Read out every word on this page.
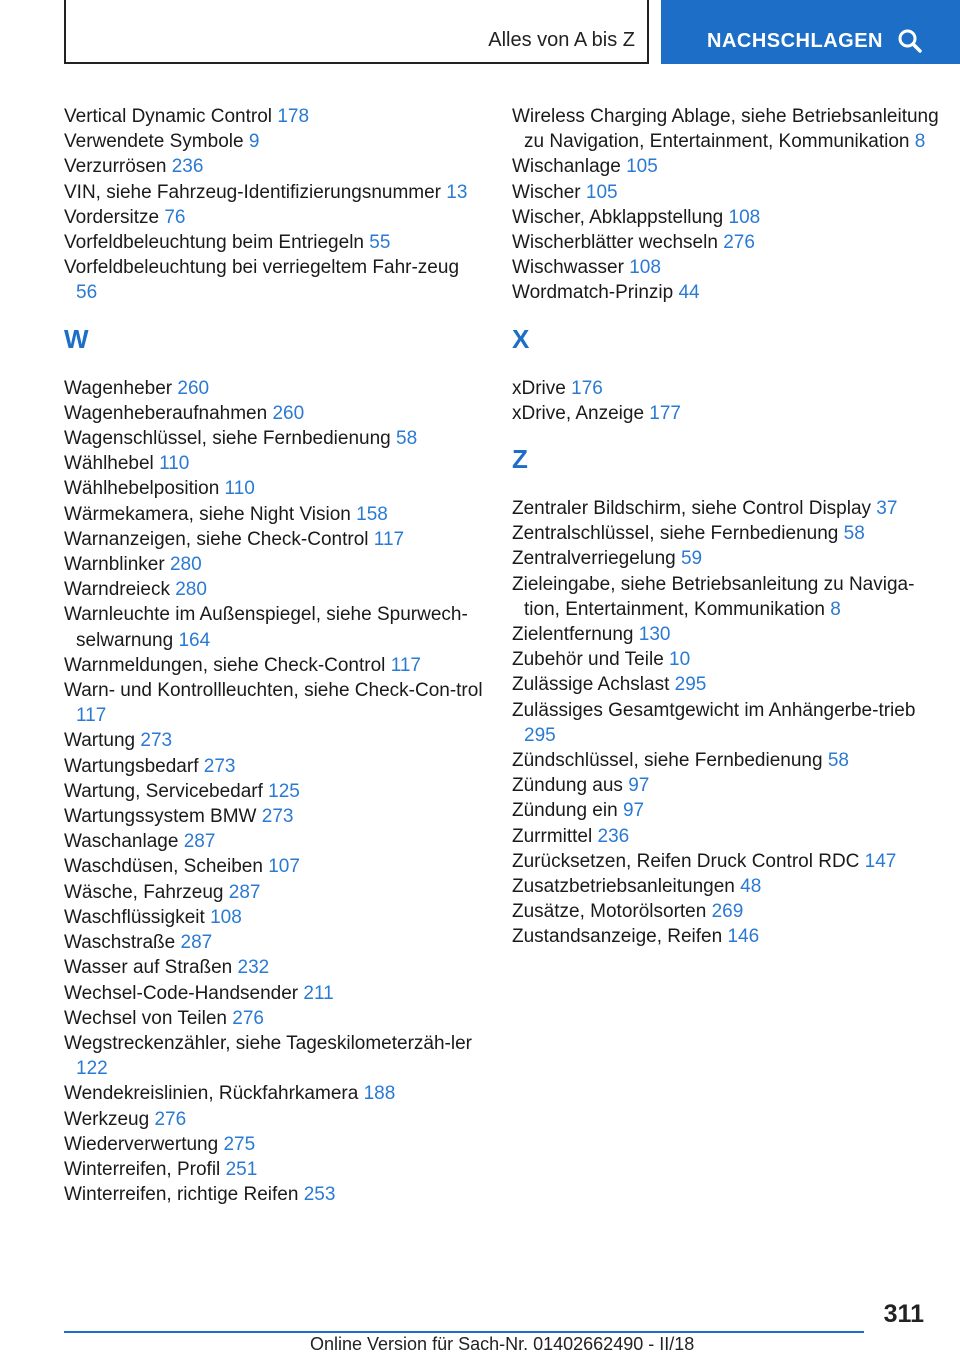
Alles von A bis Z	NACHSCHLAGEN

Vertical Dynamic Control 178

Verwendete Symbole 9

Verzurrösen 236

VIN, siehe Fahrzeug-Identifizierungsnummer 13

Vordersitze 76

Vorfeldbeleuchtung beim Entriegeln 55

Vorfeldbeleuchtung bei verriegeltem Fahr-zeug 56

W

Wagenheber 260

Wagenheberaufnahmen 260

Wagenschlüssel, siehe Fernbedienung 58

Wählhebel 110

Wählhebelposition 110

Wärmekamera, siehe Night Vision 158

Warnanzeigen, siehe Check-Control 117

Warnblinker 280

Warndreieck 280

Warnleuchte im Außenspiegel, siehe Spurwech-selwarnung 164

Warnmeldungen, siehe Check-Control 117

Warn- und Kontrollleuchten, siehe Check-Con-trol 117

Wartung 273

Wartungsbedarf 273

Wartung, Servicebedarf 125

Wartungssystem BMW 273

Waschanlage 287

Waschdüsen, Scheiben 107

Wäsche, Fahrzeug 287

Waschflüssigkeit 108

Waschstraße 287

Wasser auf Straßen 232

Wechsel-Code-Handsender 211

Wechsel von Teilen 276

Wegstreckenzähler, siehe Tageskilometerzäh-ler 122

Wendekreislinien, Rückfahrkamera 188

Werkzeug 276

Wiederverwertung 275

Winterreifen, Profil 251

Winterreifen, richtige Reifen 253

Wireless Charging Ablage, siehe Betriebsanleitung zu Navigation, Entertainment, Kommunikation 8

Wischanlage 105

Wischer 105

Wischer, Abklappstellung 108

Wischerblätter wechseln 276

Wischwasser 108

Wordmatch-Prinzip 44

X

xDrive 176

xDrive, Anzeige 177

Z

Zentraler Bildschirm, siehe Control Display 37

Zentralschlüssel, siehe Fernbedienung 58

Zentralverriegelung 59

Zieleingabe, siehe Betriebsanleitung zu Naviga-tion, Entertainment, Kommunikation 8

Zielentfernung 130

Zubehör und Teile 10

Zulässige Achslast 295

Zulässiges Gesamtgewicht im Anhängerbe-trieb 295

Zündschlüssel, siehe Fernbedienung 58

Zündung aus 97

Zündung ein 97

Zurrmittel 236

Zurücksetzen, Reifen Druck Control RDC 147

Zusatzbetriebsanleitungen 48

Zusätze, Motorölsorten 269

Zustandsanzeige, Reifen 146

311
Online Version für Sach-Nr. 01402662490 - II/18
